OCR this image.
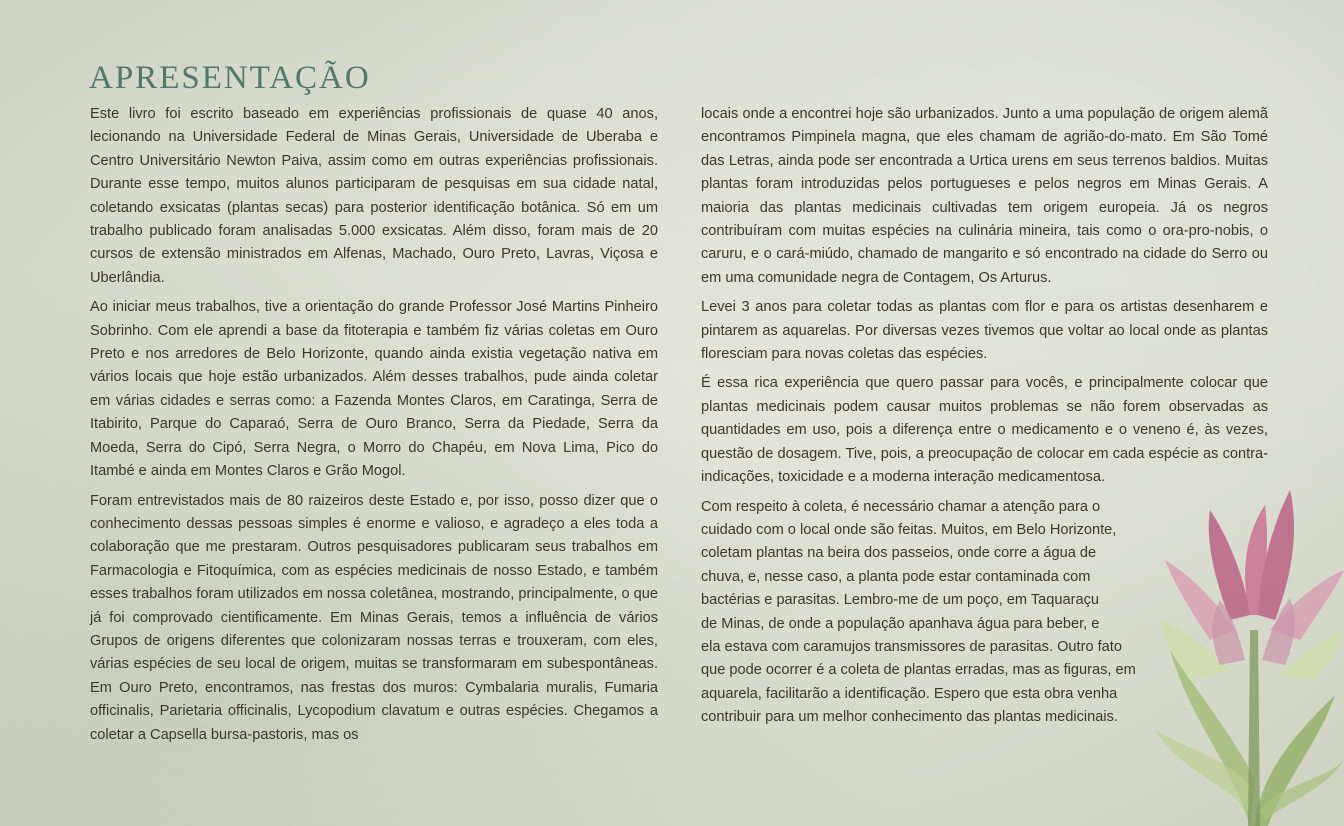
APRESENTAÇÃO

Este livro foi escrito baseado em experiências profissionais de quase 40 anos, lecionando na Universidade Federal de Minas Gerais, Universidade de Uberaba e Centro Universitário Newton Paiva, assim como em outras experiências profissionais. Durante esse tempo, muitos alunos participaram de pesquisas em sua cidade natal, coletando exsicatas (plantas secas) para posterior identificação botânica. Só em um trabalho publicado foram analisadas 5.000 exsicatas. Além disso, foram mais de 20 cursos de extensão ministrados em Alfenas, Machado, Ouro Preto, Lavras, Viçosa e Uberlândia.

Ao iniciar meus trabalhos, tive a orientação do grande Professor José Martins Pinheiro Sobrinho. Com ele aprendi a base da fitoterapia e também fiz várias coletas em Ouro Preto e nos arredores de Belo Horizonte, quando ainda existia vegetação nativa em vários locais que hoje estão urbanizados. Além desses trabalhos, pude ainda coletar em várias cidades e serras como: a Fazenda Montes Claros, em Caratinga, Serra de Itabirito, Parque do Caparaó, Serra de Ouro Branco, Serra da Piedade, Serra da Moeda, Serra do Cipó, Serra Negra, o Morro do Chapéu, em Nova Lima, Pico do Itambé e ainda em Montes Claros e Grão Mogol.

Foram entrevistados mais de 80 raizeiros deste Estado e, por isso, posso dizer que o conhecimento dessas pessoas simples é enorme e valioso, e agradeço a eles toda a colaboração que me prestaram. Outros pesquisadores publicaram seus trabalhos em Farmacologia e Fitoquímica, com as espécies medicinais de nosso Estado, e também esses trabalhos foram utilizados em nossa coletânea, mostrando, principalmente, o que já foi comprovado cientificamente. Em Minas Gerais, temos a influência de vários Grupos de origens diferentes que colonizaram nossas terras e trouxeram, com eles, várias espécies de seu local de origem, muitas se transformaram em subespontâneas. Em Ouro Preto, encontramos, nas frestas dos muros: Cymbalaria muralis, Fumaria officinalis, Parietaria officinalis, Lycopodium clavatum e outras espécies. Chegamos a coletar a Capsella bursa-pastoris, mas os

locais onde a encontrei hoje são urbanizados. Junto a uma população de origem alemã encontramos Pimpinela magna, que eles chamam de agrião-do-mato. Em São Tomé das Letras, ainda pode ser encontrada a Urtica urens em seus terrenos baldios. Muitas plantas foram introduzidas pelos portugueses e pelos negros em Minas Gerais. A maioria das plantas medicinais cultivadas tem origem europeia. Já os negros contribuíram com muitas espécies na culinária mineira, tais como o ora-pro-nobis, o caruru, e o cará-miúdo, chamado de mangarito e só encontrado na cidade do Serro ou em uma comunidade negra de Contagem, Os Arturus.

Levei 3 anos para coletar todas as plantas com flor e para os artistas desenharem e pintarem as aquarelas. Por diversas vezes tivemos que voltar ao local onde as plantas floresciam para novas coletas das espécies.

É essa rica experiência que quero passar para vocês, e principalmente colocar que plantas medicinais podem causar muitos problemas se não forem observadas as quantidades em uso, pois a diferença entre o medicamento e o veneno é, às vezes, questão de dosagem. Tive, pois, a preocupação de colocar em cada espécie as contra-indicações, toxicidade e a moderna interação medicamentosa.

Com respeito à coleta, é necessário chamar a atenção para o
cuidado com o local onde são feitas. Muitos, em Belo Horizonte,
coletam plantas na beira dos passeios, onde corre a água de
chuva, e, nesse caso, a planta pode estar contaminada com
bactérias e parasitas. Lembro-me de um poço, em Taquaraçu
de Minas, de onde a população apanhava água para beber, e
ela estava com caramujos transmissores de parasitas. Outro fato
que pode ocorrer é a coleta de plantas erradas, mas as figuras, em
aquarela, facilitarão a identificação. Espero que esta obra venha
contribuir para um melhor conhecimento das plantas medicinais.
